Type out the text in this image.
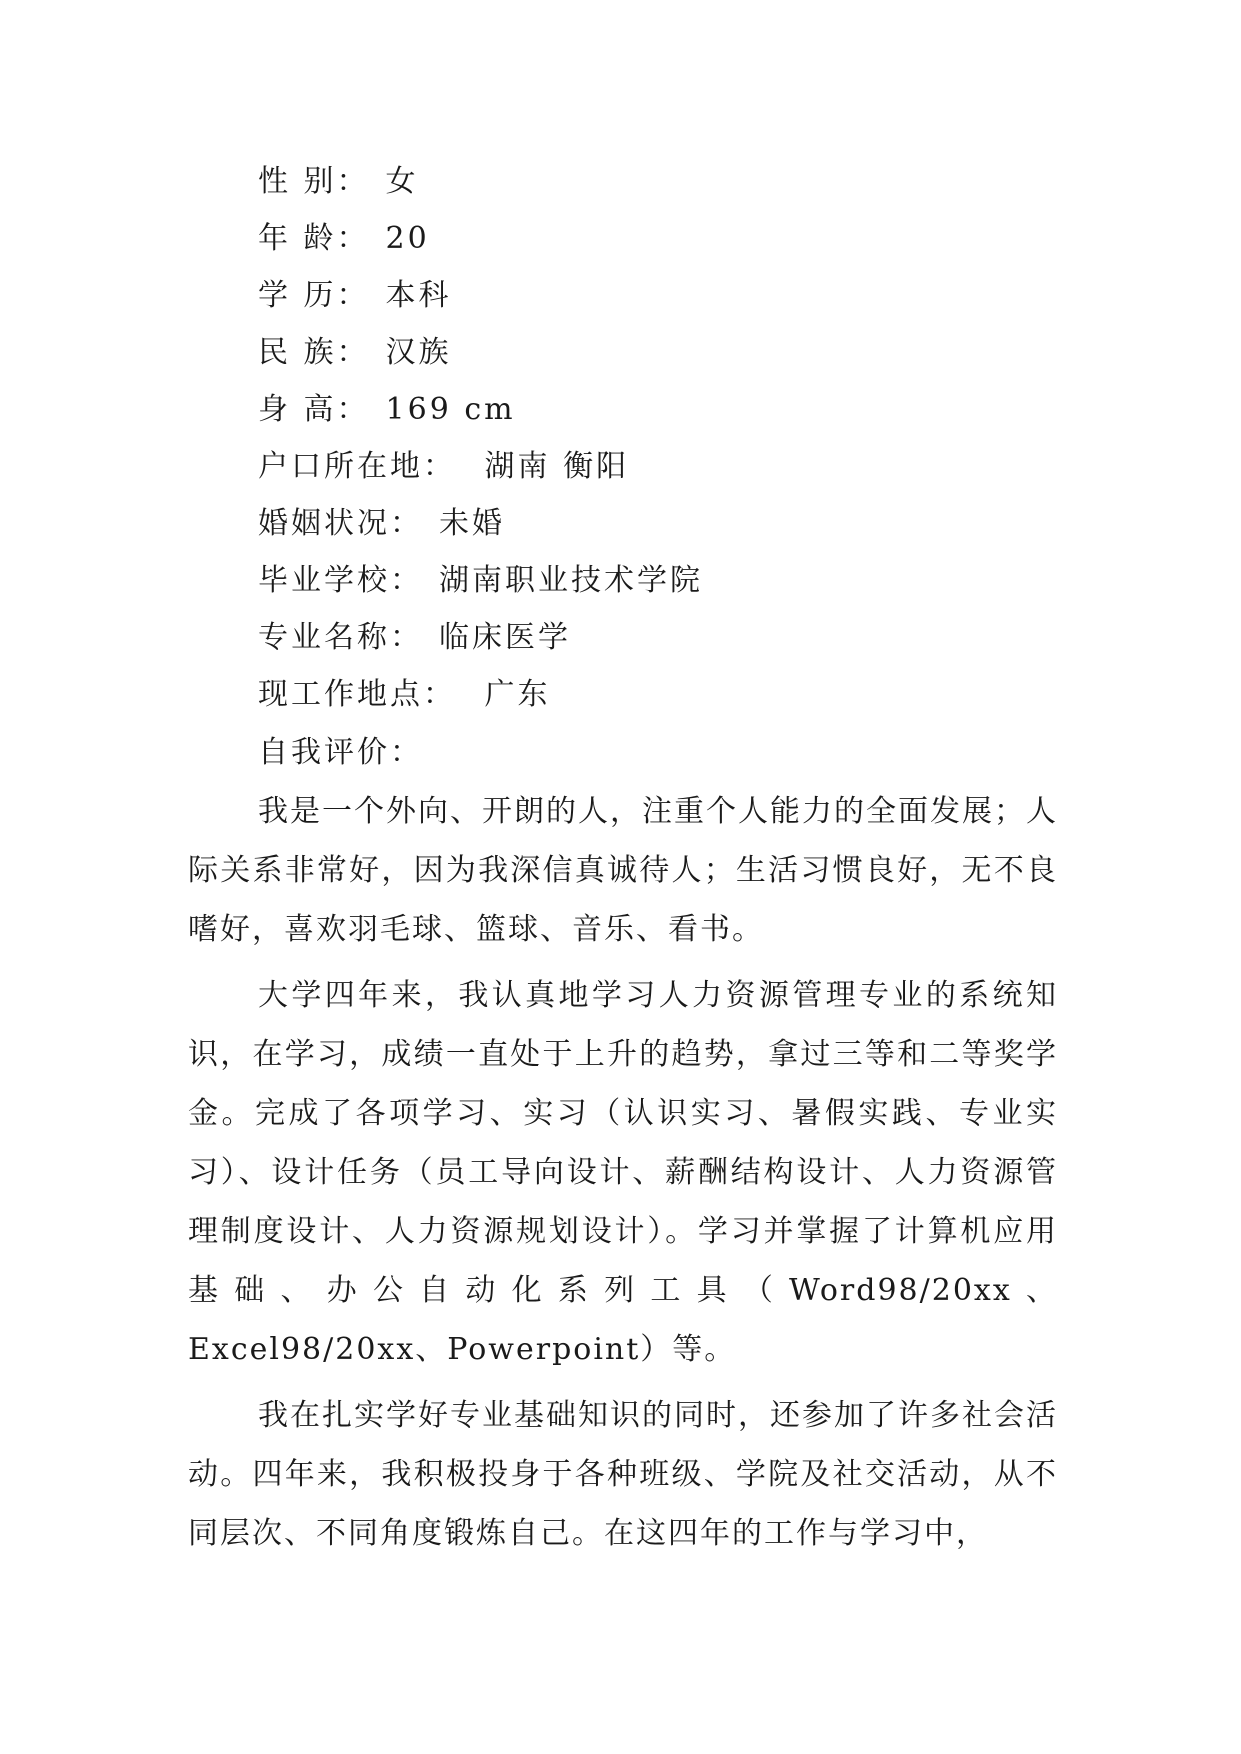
性 别： 女
年 龄： 20
学 历： 本科
民 族： 汉族
身 高： 169 cm
户口所在地： 湖南 衡阳
婚姻状况： 未婚
毕业学校： 湖南职业技术学院
专业名称： 临床医学
现工作地点： 广东
自我评价：

我是一个外向、开朗的人，注重个人能力的全面发展；人际关系非常好，因为我深信真诚待人；生活习惯良好，无不良嗜好，喜欢羽毛球、篮球、音乐、看书。

大学四年来，我认真地学习人力资源管理专业的系统知识，在学习，成绩一直处于上升的趋势，拿过三等和二等奖学金。完成了各项学习、实习（认识实习、暑假实践、专业实习）、设计任务（员工导向设计、薪酬结构设计、人力资源管理制度设计、人力资源规划设计）。学习并掌握了计算机应用基础、办公自动化系列工具（Word98/20xx、Excel98/20xx、Powerpoint）等。

我在扎实学好专业基础知识的同时，还参加了许多社会活动。四年来，我积极投身于各种班级、学院及社交活动，从不同层次、不同角度锻炼自己。在这四年的工作与学习中，
